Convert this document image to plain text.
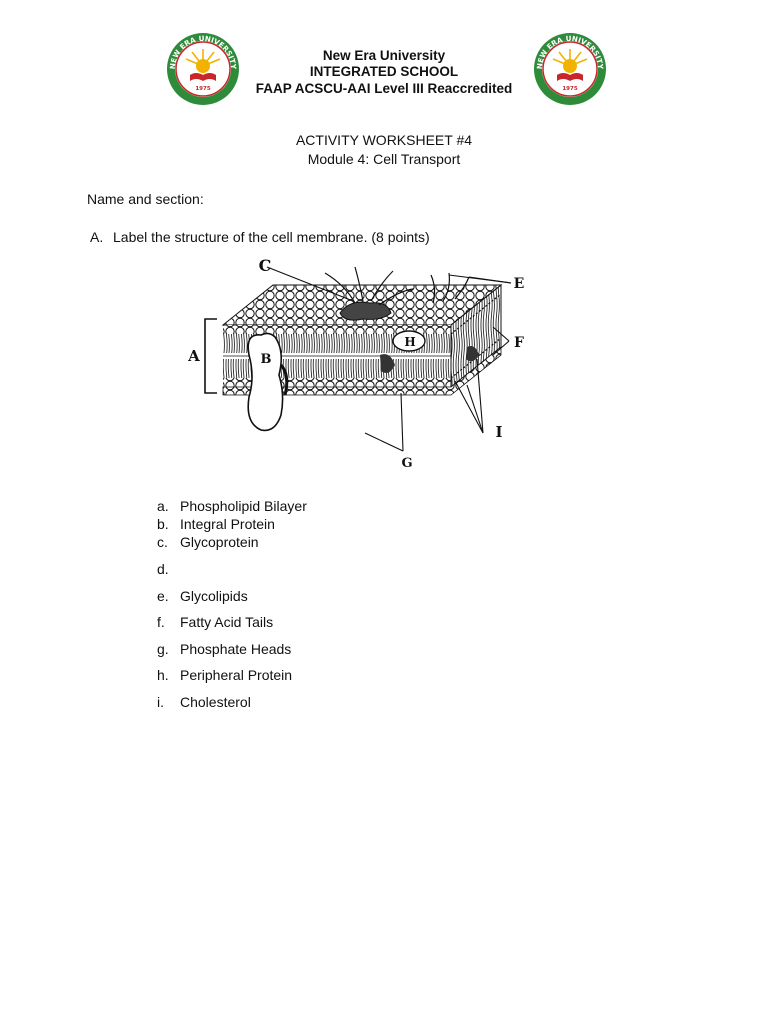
NEW ERA UNIVERSITY
1975
NEW ERA UNIVERSITY
1975
New Era University
INTEGRATED SCHOOL
FAAP ACSCU-AAI Level III Reaccredited
ACTIVITY WORKSHEET #4
Module 4: Cell Transport
Name and section:
A. Label the structure of the cell membrane. (8 points)
C
E
F
A	B
H
I
G
a. Phospholipid Bilayer
b. Integral Protein
c. Glycoprotein
d.
e. Glycolipids
f. Fatty Acid Tails
g. Phosphate Heads
h. Peripheral Protein
i. Cholesterol
